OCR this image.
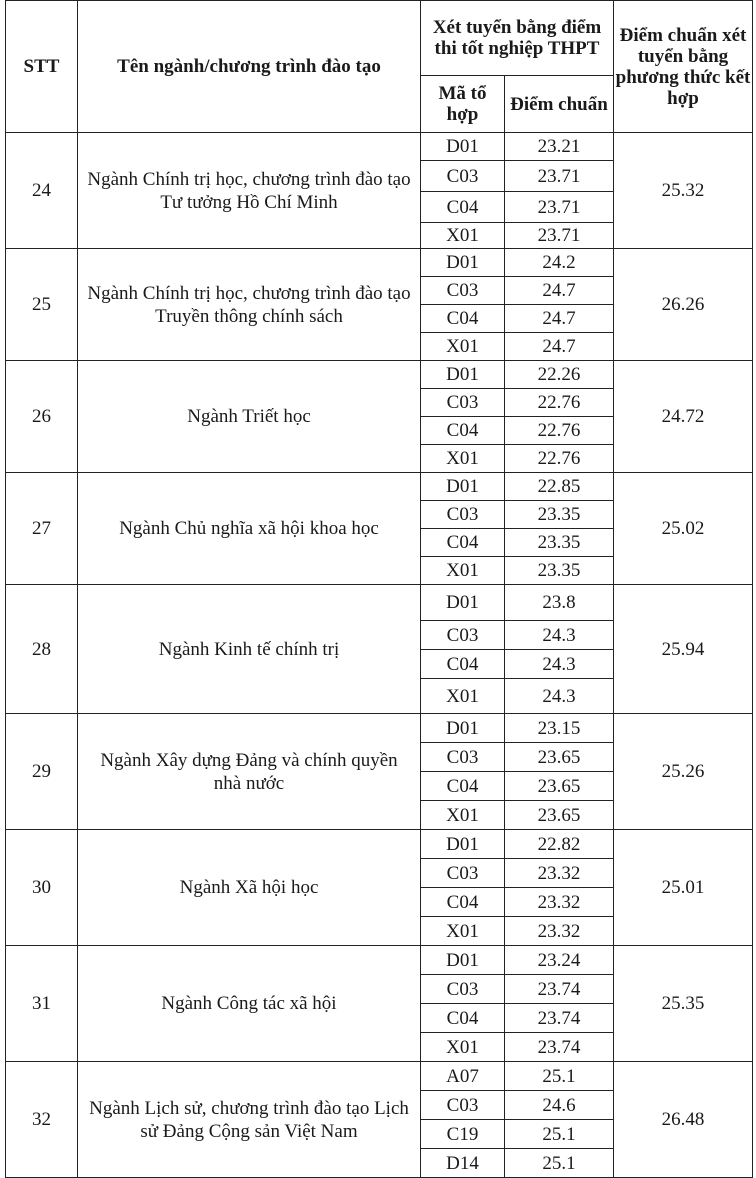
STT	Tên ngành/chương trình đào tạo	Xét tuyển bằng điểm thi tốt nghiệp THPT		Điểm chuẩn xét tuyển bằng phương thức kết hợp
		Mã tổ hợp	Điểm chuẩn	
24	Ngành Chính trị học, chương trình đào tạo Tư tưởng Hồ Chí Minh	D01	23.21	25.32
		C03	23.71	
		C04	23.71	
		X01	23.71	
25	Ngành Chính trị học, chương trình đào tạo Truyền thông chính sách	D01	24.2	26.26
		C03	24.7	
		C04	24.7	
		X01	24.7	
26	Ngành Triết học	D01	22.26	24.72
		C03	22.76	
		C04	22.76	
		X01	22.76	
27	Ngành Chủ nghĩa xã hội khoa học	D01	22.85	25.02
		C03	23.35	
		C04	23.35	
		X01	23.35	
28	Ngành Kinh tế chính trị	D01	23.8	25.94
		C03	24.3	
		C04	24.3	
		X01	24.3	
29	Ngành Xây dựng Đảng và chính quyền nhà nước	D01	23.15	25.26
		C03	23.65	
		C04	23.65	
		X01	23.65	
30	Ngành Xã hội học	D01	22.82	25.01
		C03	23.32	
		C04	23.32	
		X01	23.32	
31	Ngành Công tác xã hội	D01	23.24	25.35
		C03	23.74	
		C04	23.74	
		X01	23.74	
32	Ngành Lịch sử, chương trình đào tạo Lịch sử Đảng Cộng sản Việt Nam	A07	25.1	26.48
		C03	24.6	
		C19	25.1	
		D14	25.1	
